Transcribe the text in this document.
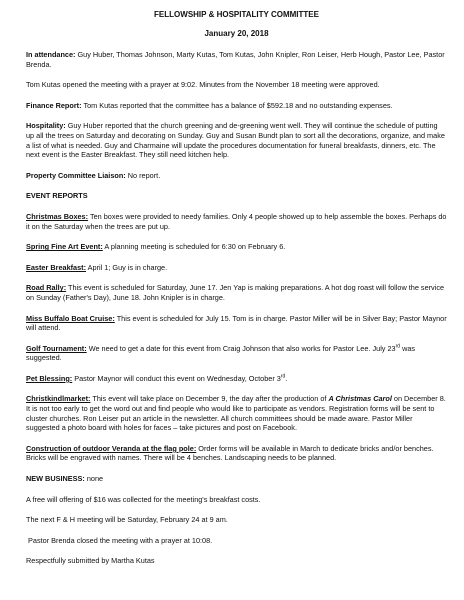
FELLOWSHIP & HOSPITALITY COMMITTEE

January 20, 2018

In attendance: Guy Huber, Thomas Johnson, Marty Kutas, Tom Kutas, John Knipler, Ron Leiser, Herb Hough, Pastor Lee, Pastor Brenda.

Tom Kutas opened the meeting with a prayer at 9:02. Minutes from the November 18 meeting were approved.

Finance Report: Tom Kutas reported that the committee has a balance of $592.18 and no outstanding expenses.

Hospitality: Guy Huber reported that the church greening and de-greening went well. They will continue the schedule of putting up all the trees on Saturday and decorating on Sunday. Guy and Susan Bundt plan to sort all the decorations, organize, and make a list of what is needed. Guy and Charmaine will update the procedures documentation for funeral breakfasts, dinners, etc. The next event is the Easter Breakfast. They still need kitchen help.

Property Committee Liaison: No report.

EVENT REPORTS

Christmas Boxes: Ten boxes were provided to needy families. Only 4 people showed up to help assemble the boxes. Perhaps do it on the Saturday when the trees are put up.

Spring Fine Art Event: A planning meeting is scheduled for 6:30 on February 6.

Easter Breakfast: April 1; Guy is in charge.

Road Rally: This event is scheduled for Saturday, June 17. Jen Yap is making preparations. A hot dog roast will follow the service on Sunday (Father's Day), June 18. John Knipler is in charge.

Miss Buffalo Boat Cruise: This event is scheduled for July 15. Tom is in charge. Pastor Miller will be in Silver Bay; Pastor Maynor will attend.

Golf Tournament: We need to get a date for this event from Craig Johnson that also works for Pastor Lee. July 23rd was suggested.

Pet Blessing: Pastor Maynor will conduct this event on Wednesday, October 3rd.

Christkindlmarket: This event will take place on December 9, the day after the production of A Christmas Carol on December 8. It is not too early to get the word out and find people who would like to participate as vendors. Registration forms will be sent to cluster churches. Ron Leiser put an article in the newsletter. All church committees should be made aware. Pastor Miller suggested a photo board with holes for faces – take pictures and post on Facebook.

Construction of outdoor Veranda at the flag pole: Order forms will be available in March to dedicate bricks and/or benches. Bricks will be engraved with names. There will be 4 benches. Landscaping needs to be planned.

NEW BUSINESS: none

A free will offering of $16 was collected for the meeting's breakfast costs.

The next F & H meeting will be Saturday, February 24 at 9 am.

Pastor Brenda closed the meeting with a prayer at 10:08.

Respectfully submitted by Martha Kutas
